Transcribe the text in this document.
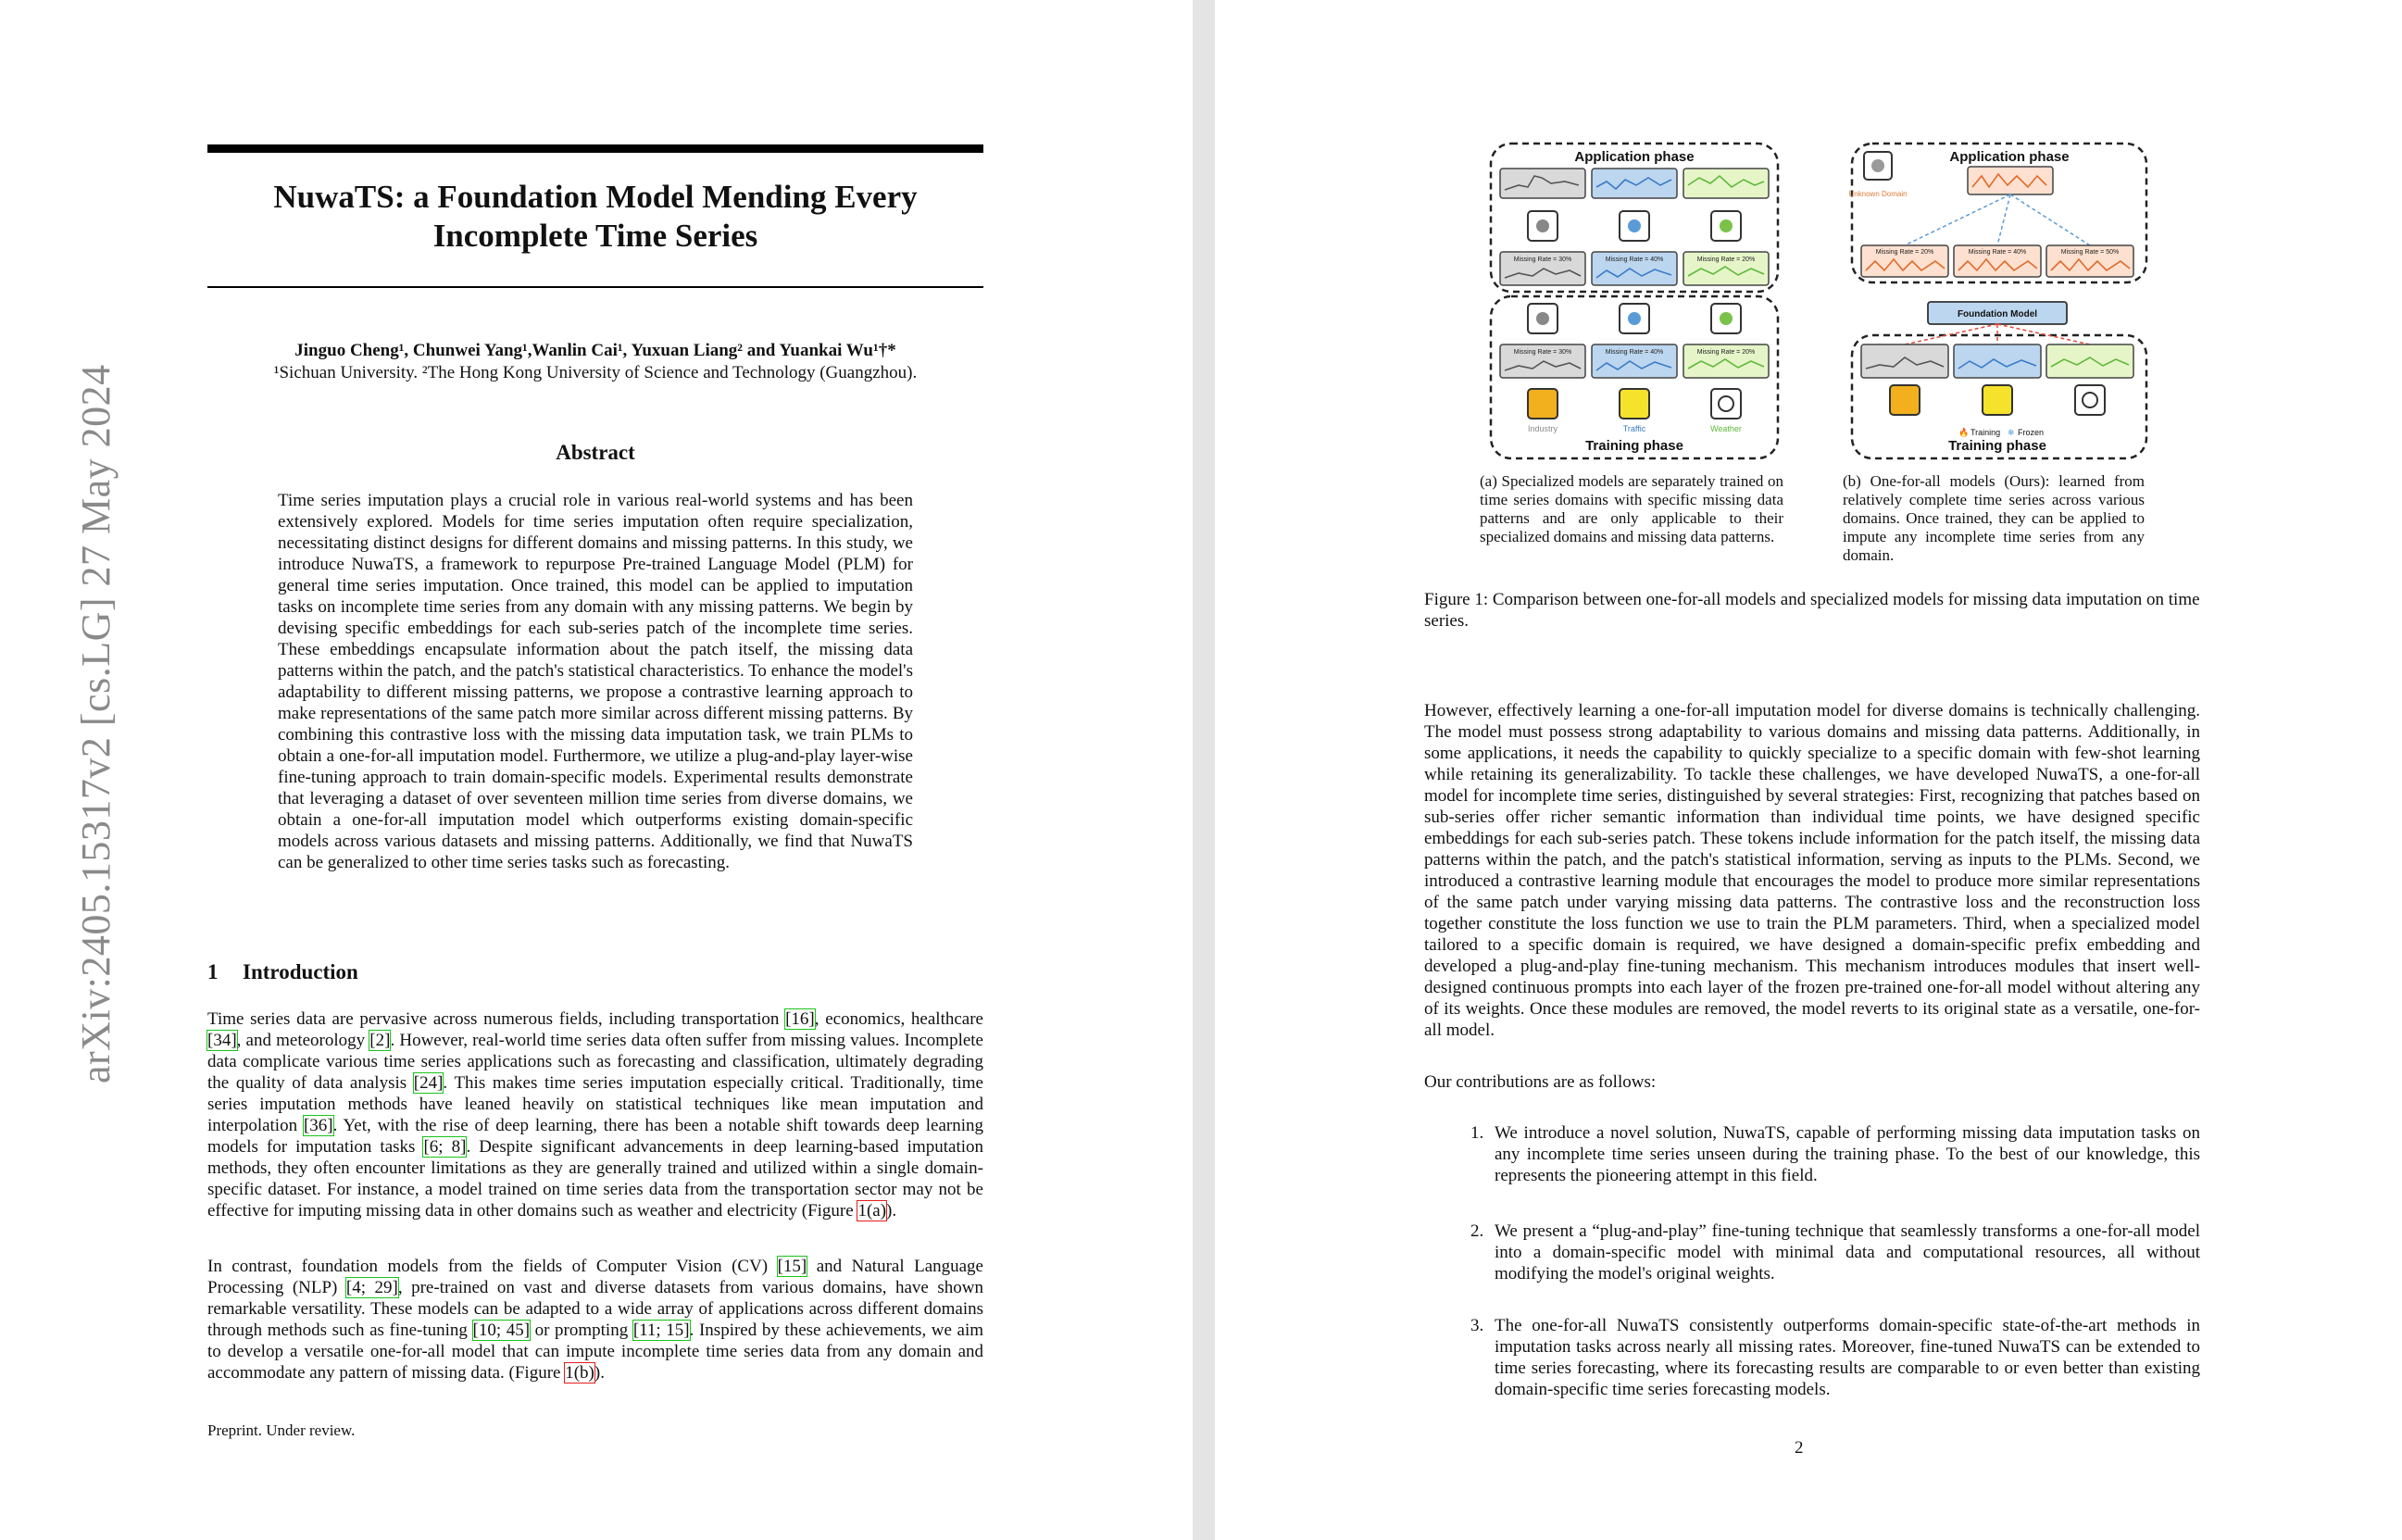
arXiv:2405.15317v2 [cs.LG] 27 May 2024
NuwaTS: a Foundation Model Mending Every Incomplete Time Series
Jinguo Cheng¹, Chunwei Yang¹,Wanlin Cai¹, Yuxuan Liang² and Yuankai Wu¹†*
¹Sichuan University. ²The Hong Kong University of Science and Technology (Guangzhou).
Abstract
Time series imputation plays a crucial role in various real-world systems and has been extensively explored. Models for time series imputation often require specialization, necessitating distinct designs for different domains and missing patterns. In this study, we introduce NuwaTS, a framework to repurpose Pre-trained Language Model (PLM) for general time series imputation. Once trained, this model can be applied to imputation tasks on incomplete time series from any domain with any missing patterns. We begin by devising specific embeddings for each sub-series patch of the incomplete time series. These embeddings encapsulate information about the patch itself, the missing data patterns within the patch, and the patch's statistical characteristics. To enhance the model's adaptability to different missing patterns, we propose a contrastive learning approach to make representations of the same patch more similar across different missing patterns. By combining this contrastive loss with the missing data imputation task, we train PLMs to obtain a one-for-all imputation model. Furthermore, we utilize a plug-and-play layer-wise fine-tuning approach to train domain-specific models. Experimental results demonstrate that leveraging a dataset of over seventeen million time series from diverse domains, we obtain a one-for-all imputation model which outperforms existing domain-specific models across various datasets and missing patterns. Additionally, we find that NuwaTS can be generalized to other time series tasks such as forecasting.
1 Introduction
Time series data are pervasive across numerous fields, including transportation [16], economics, healthcare [34], and meteorology [2]. However, real-world time series data often suffer from missing values. Incomplete data complicate various time series applications such as forecasting and classification, ultimately degrading the quality of data analysis [24]. This makes time series imputation especially critical. Traditionally, time series imputation methods have leaned heavily on statistical techniques like mean imputation and interpolation [36]. Yet, with the rise of deep learning, there has been a notable shift towards deep learning models for imputation tasks [6; 8]. Despite significant advancements in deep learning-based imputation methods, they often encounter limitations as they are generally trained and utilized within a single domain-specific dataset. For instance, a model trained on time series data from the transportation sector may not be effective for imputing missing data in other domains such as weather and electricity (Figure 1(a)).
In contrast, foundation models from the fields of Computer Vision (CV) [15] and Natural Language Processing (NLP) [4; 29], pre-trained on vast and diverse datasets from various domains, have shown remarkable versatility. These models can be adapted to a wide array of applications across different domains through methods such as fine-tuning [10; 45] or prompting [11; 15]. Inspired by these achievements, we aim to develop a versatile one-for-all model that can impute incomplete time series data from any domain and accommodate any pattern of missing data. (Figure 1(b)).
Preprint. Under review.
Application phase
Missing Rate = 30%	Missing Rate = 40%	Missing Rate = 20%
Missing Rate = 30%	Missing Rate = 40%	Missing Rate = 20%
Industry	Traffic	Weather
Training phase
Application phase
Unknown Domain
Missing Rate = 20%	Missing Rate = 40%	Missing Rate = 50%
Foundation Model
🔥 Training ❄ Frozen
Training phase
(a) Specialized models are separately trained on time series domains with specific missing data patterns and are only applicable to their specialized domains and missing data patterns.
(b) One-for-all models (Ours): learned from relatively complete time series across various domains. Once trained, they can be applied to impute any incomplete time series from any domain.
Figure 1: Comparison between one-for-all models and specialized models for missing data imputation on time series.
However, effectively learning a one-for-all imputation model for diverse domains is technically challenging. The model must possess strong adaptability to various domains and missing data patterns. Additionally, in some applications, it needs the capability to quickly specialize to a specific domain with few-shot learning while retaining its generalizability. To tackle these challenges, we have developed NuwaTS, a one-for-all model for incomplete time series, distinguished by several strategies: First, recognizing that patches based on sub-series offer richer semantic information than individual time points, we have designed specific embeddings for each sub-series patch. These tokens include information for the patch itself, the missing data patterns within the patch, and the patch's statistical information, serving as inputs to the PLMs. Second, we introduced a contrastive learning module that encourages the model to produce more similar representations of the same patch under varying missing data patterns. The contrastive loss and the reconstruction loss together constitute the loss function we use to train the PLM parameters. Third, when a specialized model tailored to a specific domain is required, we have designed a domain-specific prefix embedding and developed a plug-and-play fine-tuning mechanism. This mechanism introduces modules that insert well-designed continuous prompts into each layer of the frozen pre-trained one-for-all model without altering any of its weights. Once these modules are removed, the model reverts to its original state as a versatile, one-for-all model.
Our contributions are as follows:
1. We introduce a novel solution, NuwaTS, capable of performing missing data imputation tasks on any incomplete time series unseen during the training phase. To the best of our knowledge, this represents the pioneering attempt in this field.
2. We present a “plug-and-play” fine-tuning technique that seamlessly transforms a one-for-all model into a domain-specific model with minimal data and computational resources, all without modifying the model's original weights.
3. The one-for-all NuwaTS consistently outperforms domain-specific state-of-the-art methods in imputation tasks across nearly all missing rates. Moreover, fine-tuned NuwaTS can be extended to time series forecasting, where its forecasting results are comparable to or even better than existing domain-specific time series forecasting models.
2
